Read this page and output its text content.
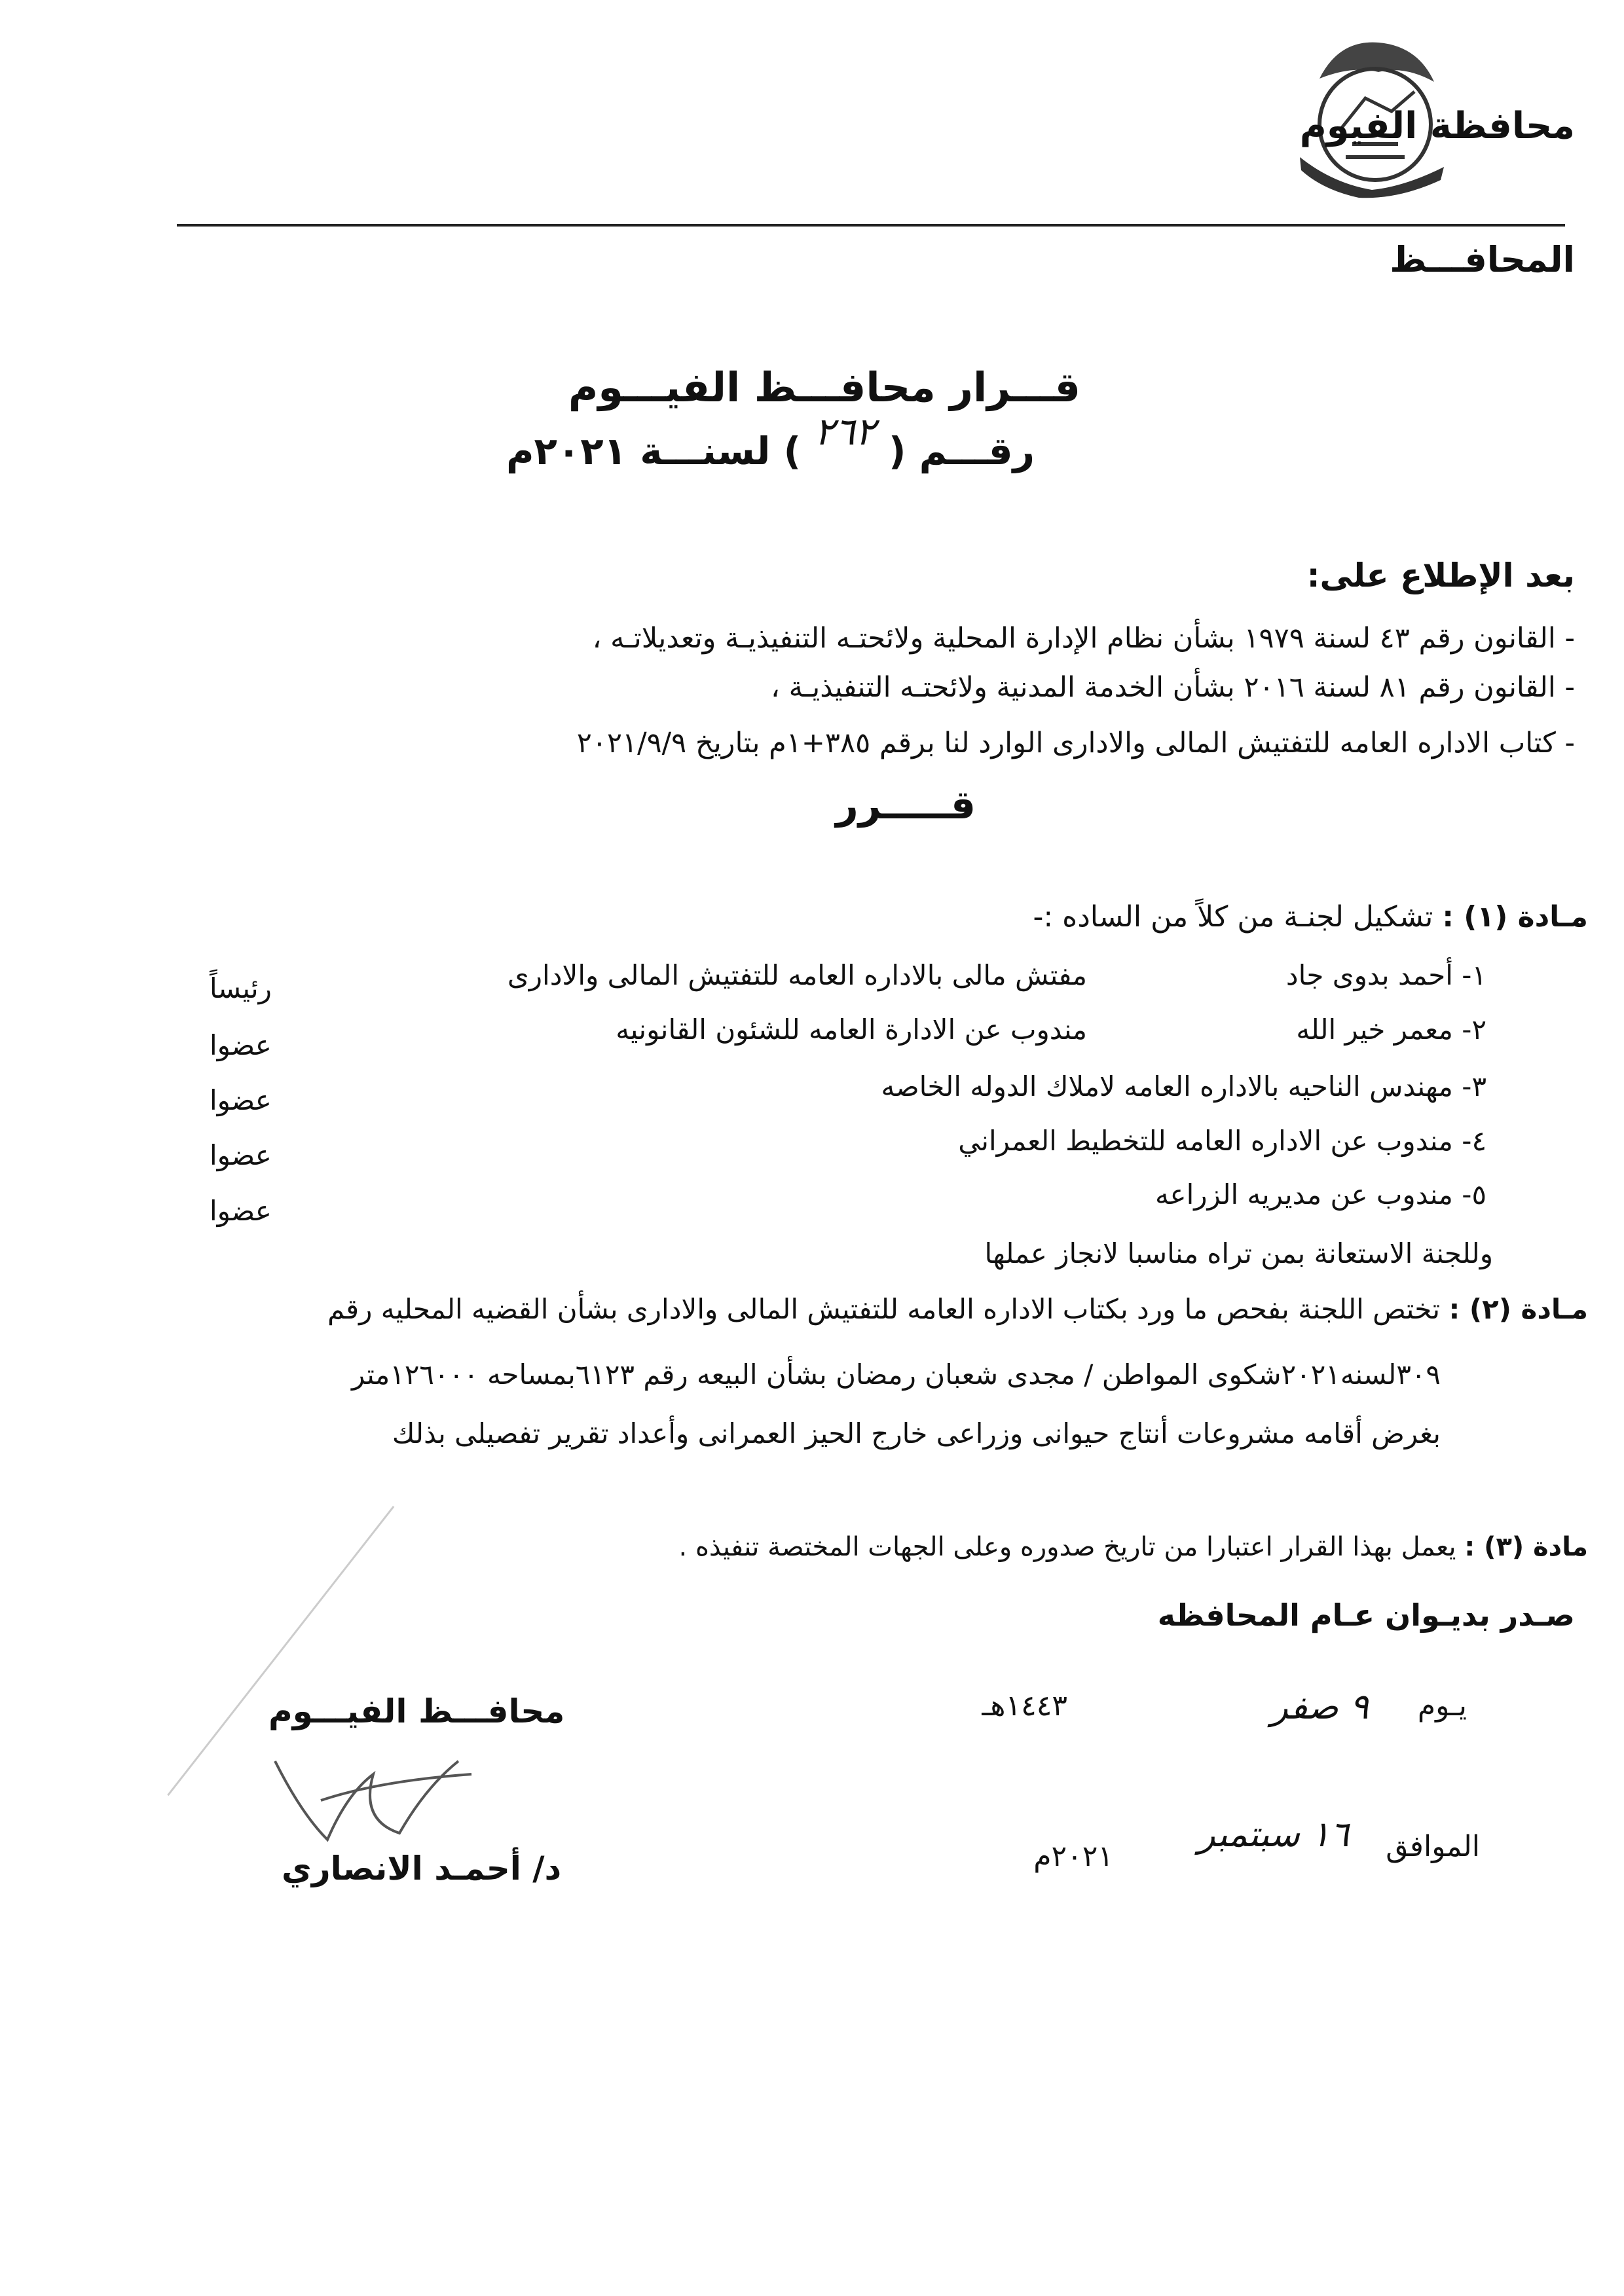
محافظة الفيوم
المحافـــظ
قـــرار محافـــظ الفيـــوم
رقـــم ( ٢٦٢ ) لسنـــة ٢٠٢١م
بعد الإطلاع على:
- القانون رقم ٤٣ لسنة ١٩٧٩ بشأن نظام الإدارة المحلية ولائحتـه التنفيذيـة وتعديلاتـه ،
- القانون رقم ٨١ لسنة ٢٠١٦ بشأن الخدمة المدنية ولائحتـه التنفيذيـة ،
- كتاب الاداره العامه للتفتيش المالى والادارى الوارد لنا برقم ٣٨٥+١م بتاريخ ٢٠٢١/٩/٩
قـــــرر
مـادة (١) : تشكيل لجنـة من كلاً من الساده :-
١- أحمد بدوى جاد
مفتش مالى بالاداره العامه للتفتيش المالى والادارى
رئيساً
٢- معمر خير الله
مندوب عن الادارة العامه للشئون القانونيه
عضوا
٣- مهندس الناحيه بالاداره العامه لاملاك الدوله الخاصه
عضوا
٤- مندوب عن الاداره العامه للتخطيط العمراني
عضوا
٥- مندوب عن مديريه الزراعه
عضوا
وللجنة الاستعانة بمن تراه مناسبا لانجاز عملها
مـادة (٢) : تختص اللجنة بفحص ما ورد بكتاب الاداره العامه للتفتيش المالى والادارى بشأن القضيه المحليه رقم
٣٠٩لسنه٢٠٢١شكوى المواطن / مجدى شعبان رمضان بشأن البيعه رقم ٦١٢٣بمساحه ١٢٦٠٠٠متر
بغرض أقامه مشروعات أنتاج حيوانى وزراعى خارج الحيز العمرانى وأعداد تقرير تفصيلى بذلك
مادة (٣) : يعمل بهذا القرار اعتبارا من تاريخ صدوره وعلى الجهات المختصة تنفيذه .
صـدر بديـوان عـام المحافظه
يـوم
٩ صفر
١٤٤٣هـ
الموافق
١٦ سبتمبر
٢٠٢١م
محافـــظ الفيـــوم
د/ أحمـد الانصاري
